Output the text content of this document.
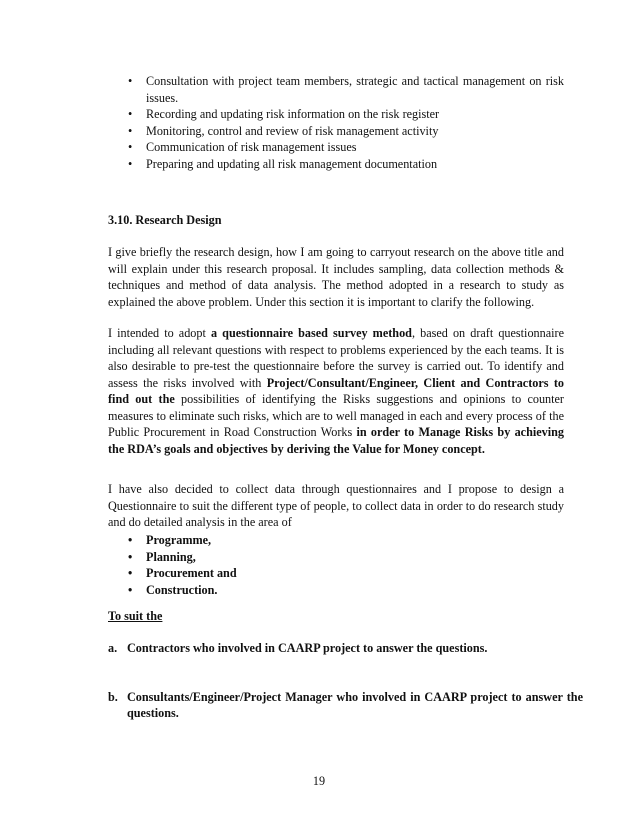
• Consultation with project team members, strategic and tactical management on risk issues.
• Recording and updating risk information on the risk register
• Monitoring, control and review of risk management activity
• Communication of risk management issues
• Preparing and updating all risk management documentation
3.10. Research Design
I give briefly the research design, how I am going to carryout research on the above title and will explain under this research proposal. It includes sampling, data collection methods & techniques and method of data analysis. The method adopted in a research to study as explained the above problem. Under this section it is important to clarify the following.
I intended to adopt a questionnaire based survey method, based on draft questionnaire including all relevant questions with respect to problems experienced by the each teams. It is also desirable to pre-test the questionnaire before the survey is carried out. To identify and assess the risks involved with Project/Consultant/Engineer, Client and Contractors to find out the possibilities of identifying the Risks suggestions and opinions to counter measures to eliminate such risks, which are to well managed in each and every process of the Public Procurement in Road Construction Works in order to Manage Risks by achieving the RDA’s goals and objectives by deriving the Value for Money concept.
I have also decided to collect data through questionnaires and I propose to design a Questionnaire to suit the different type of people, to collect data in order to do research study and do detailed analysis in the area of
• Programme,
• Planning,
• Procurement and
• Construction.
To suit the
a. Contractors who involved in CAARP project to answer the questions.
b. Consultants/Engineer/Project Manager who involved in CAARP project to answer the questions.
19
